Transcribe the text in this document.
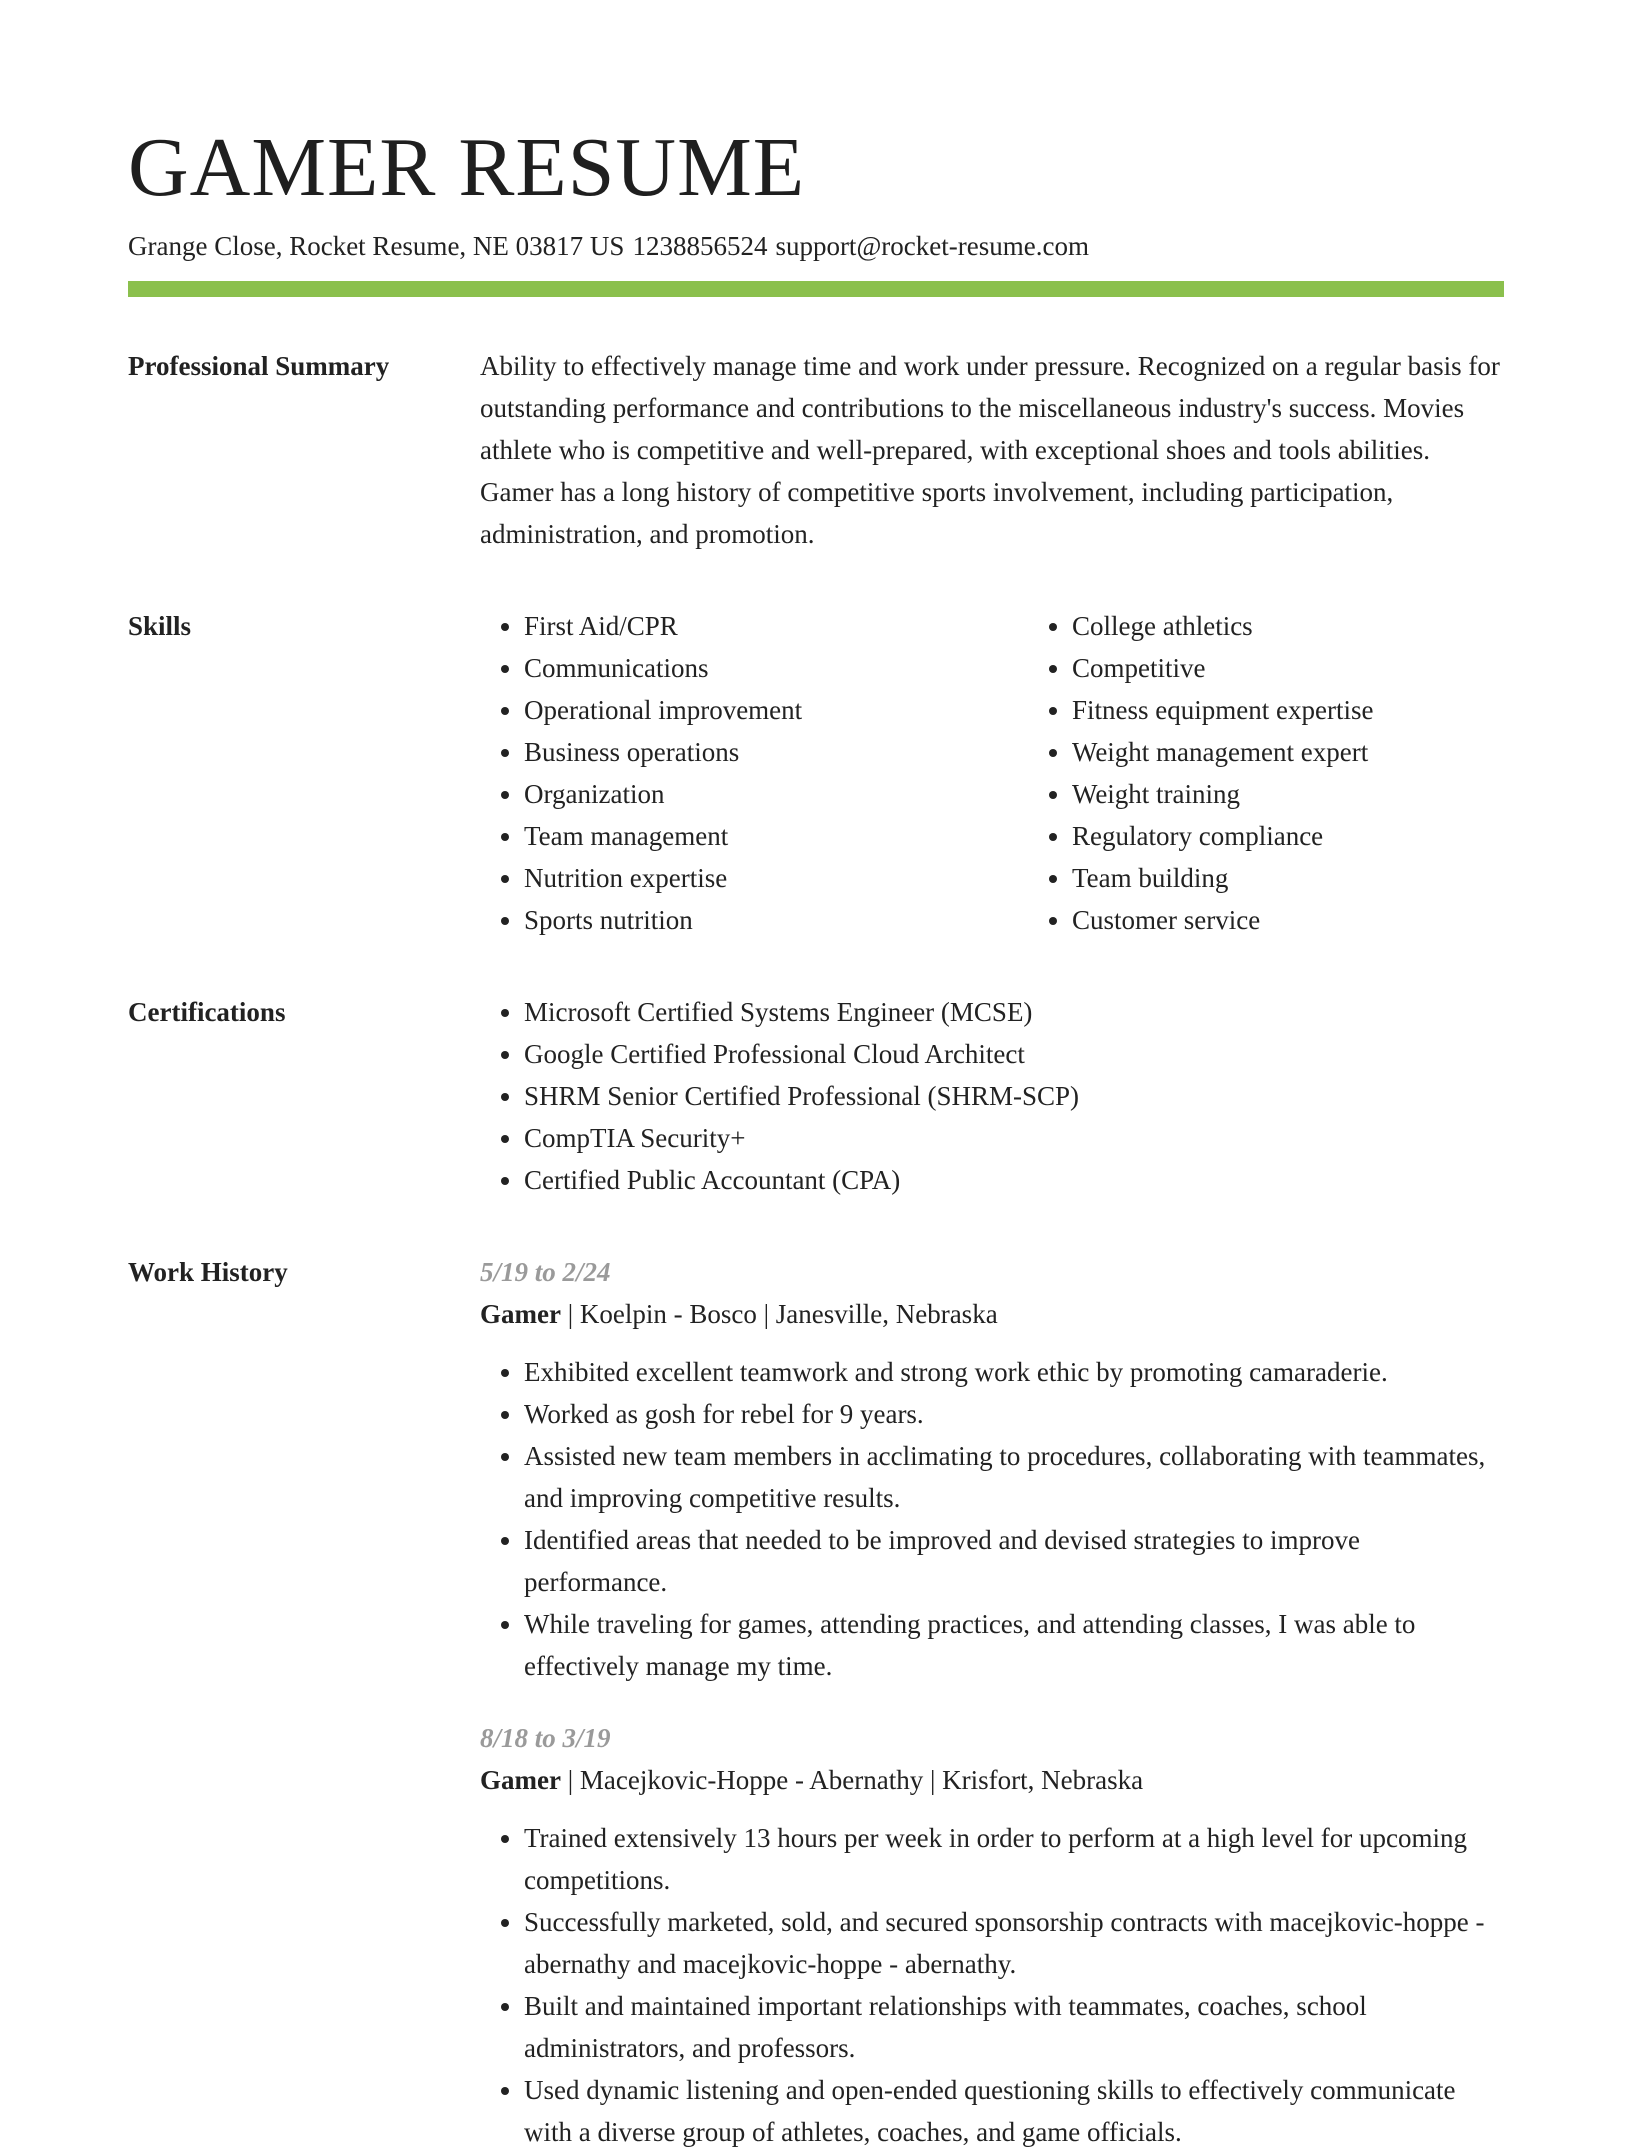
GAMER RESUME
Grange Close, Rocket Resume, NE 03817 US 1238856524 support@rocket-resume.com
Professional Summary	Ability to effectively manage time and work under pressure. Recognized on a regular basis for outstanding performance and contributions to the miscellaneous industry's success. Movies athlete who is competitive and well-prepared, with exceptional shoes and tools abilities. Gamer has a long history of competitive sports involvement, including participation, administration, and promotion.

Skills	• First Aid/CPR
• Communications
• Operational improvement
• Business operations
• Organization
• Team management
• Nutrition expertise
• Sports nutrition
• College athletics
• Competitive
• Fitness equipment expertise
• Weight management expert
• Weight training
• Regulatory compliance
• Team building
• Customer service
Certifications	• Microsoft Certified Systems Engineer (MCSE)
• Google Certified Professional Cloud Architect
• SHRM Senior Certified Professional (SHRM-SCP)
• CompTIA Security+
• Certified Public Accountant (CPA)
Work History	5/19 to 2/24
Gamer | Koelpin - Bosco | Janesville, Nebraska
• Exhibited excellent teamwork and strong work ethic by promoting camaraderie.
• Worked as gosh for rebel for 9 years.
• Assisted new team members in acclimating to procedures, collaborating with teammates, and improving competitive results.
• Identified areas that needed to be improved and devised strategies to improve performance.
• While traveling for games, attending practices, and attending classes, I was able to effectively manage my time.
8/18 to 3/19
Gamer | Macejkovic-Hoppe - Abernathy | Krisfort, Nebraska
• Trained extensively 13 hours per week in order to perform at a high level for upcoming competitions.
• Successfully marketed, sold, and secured sponsorship contracts with macejkovic-hoppe - abernathy and macejkovic-hoppe - abernathy.
• Built and maintained important relationships with teammates, coaches, school administrators, and professors.
• Used dynamic listening and open-ended questioning skills to effectively communicate with a diverse group of athletes, coaches, and game officials.
